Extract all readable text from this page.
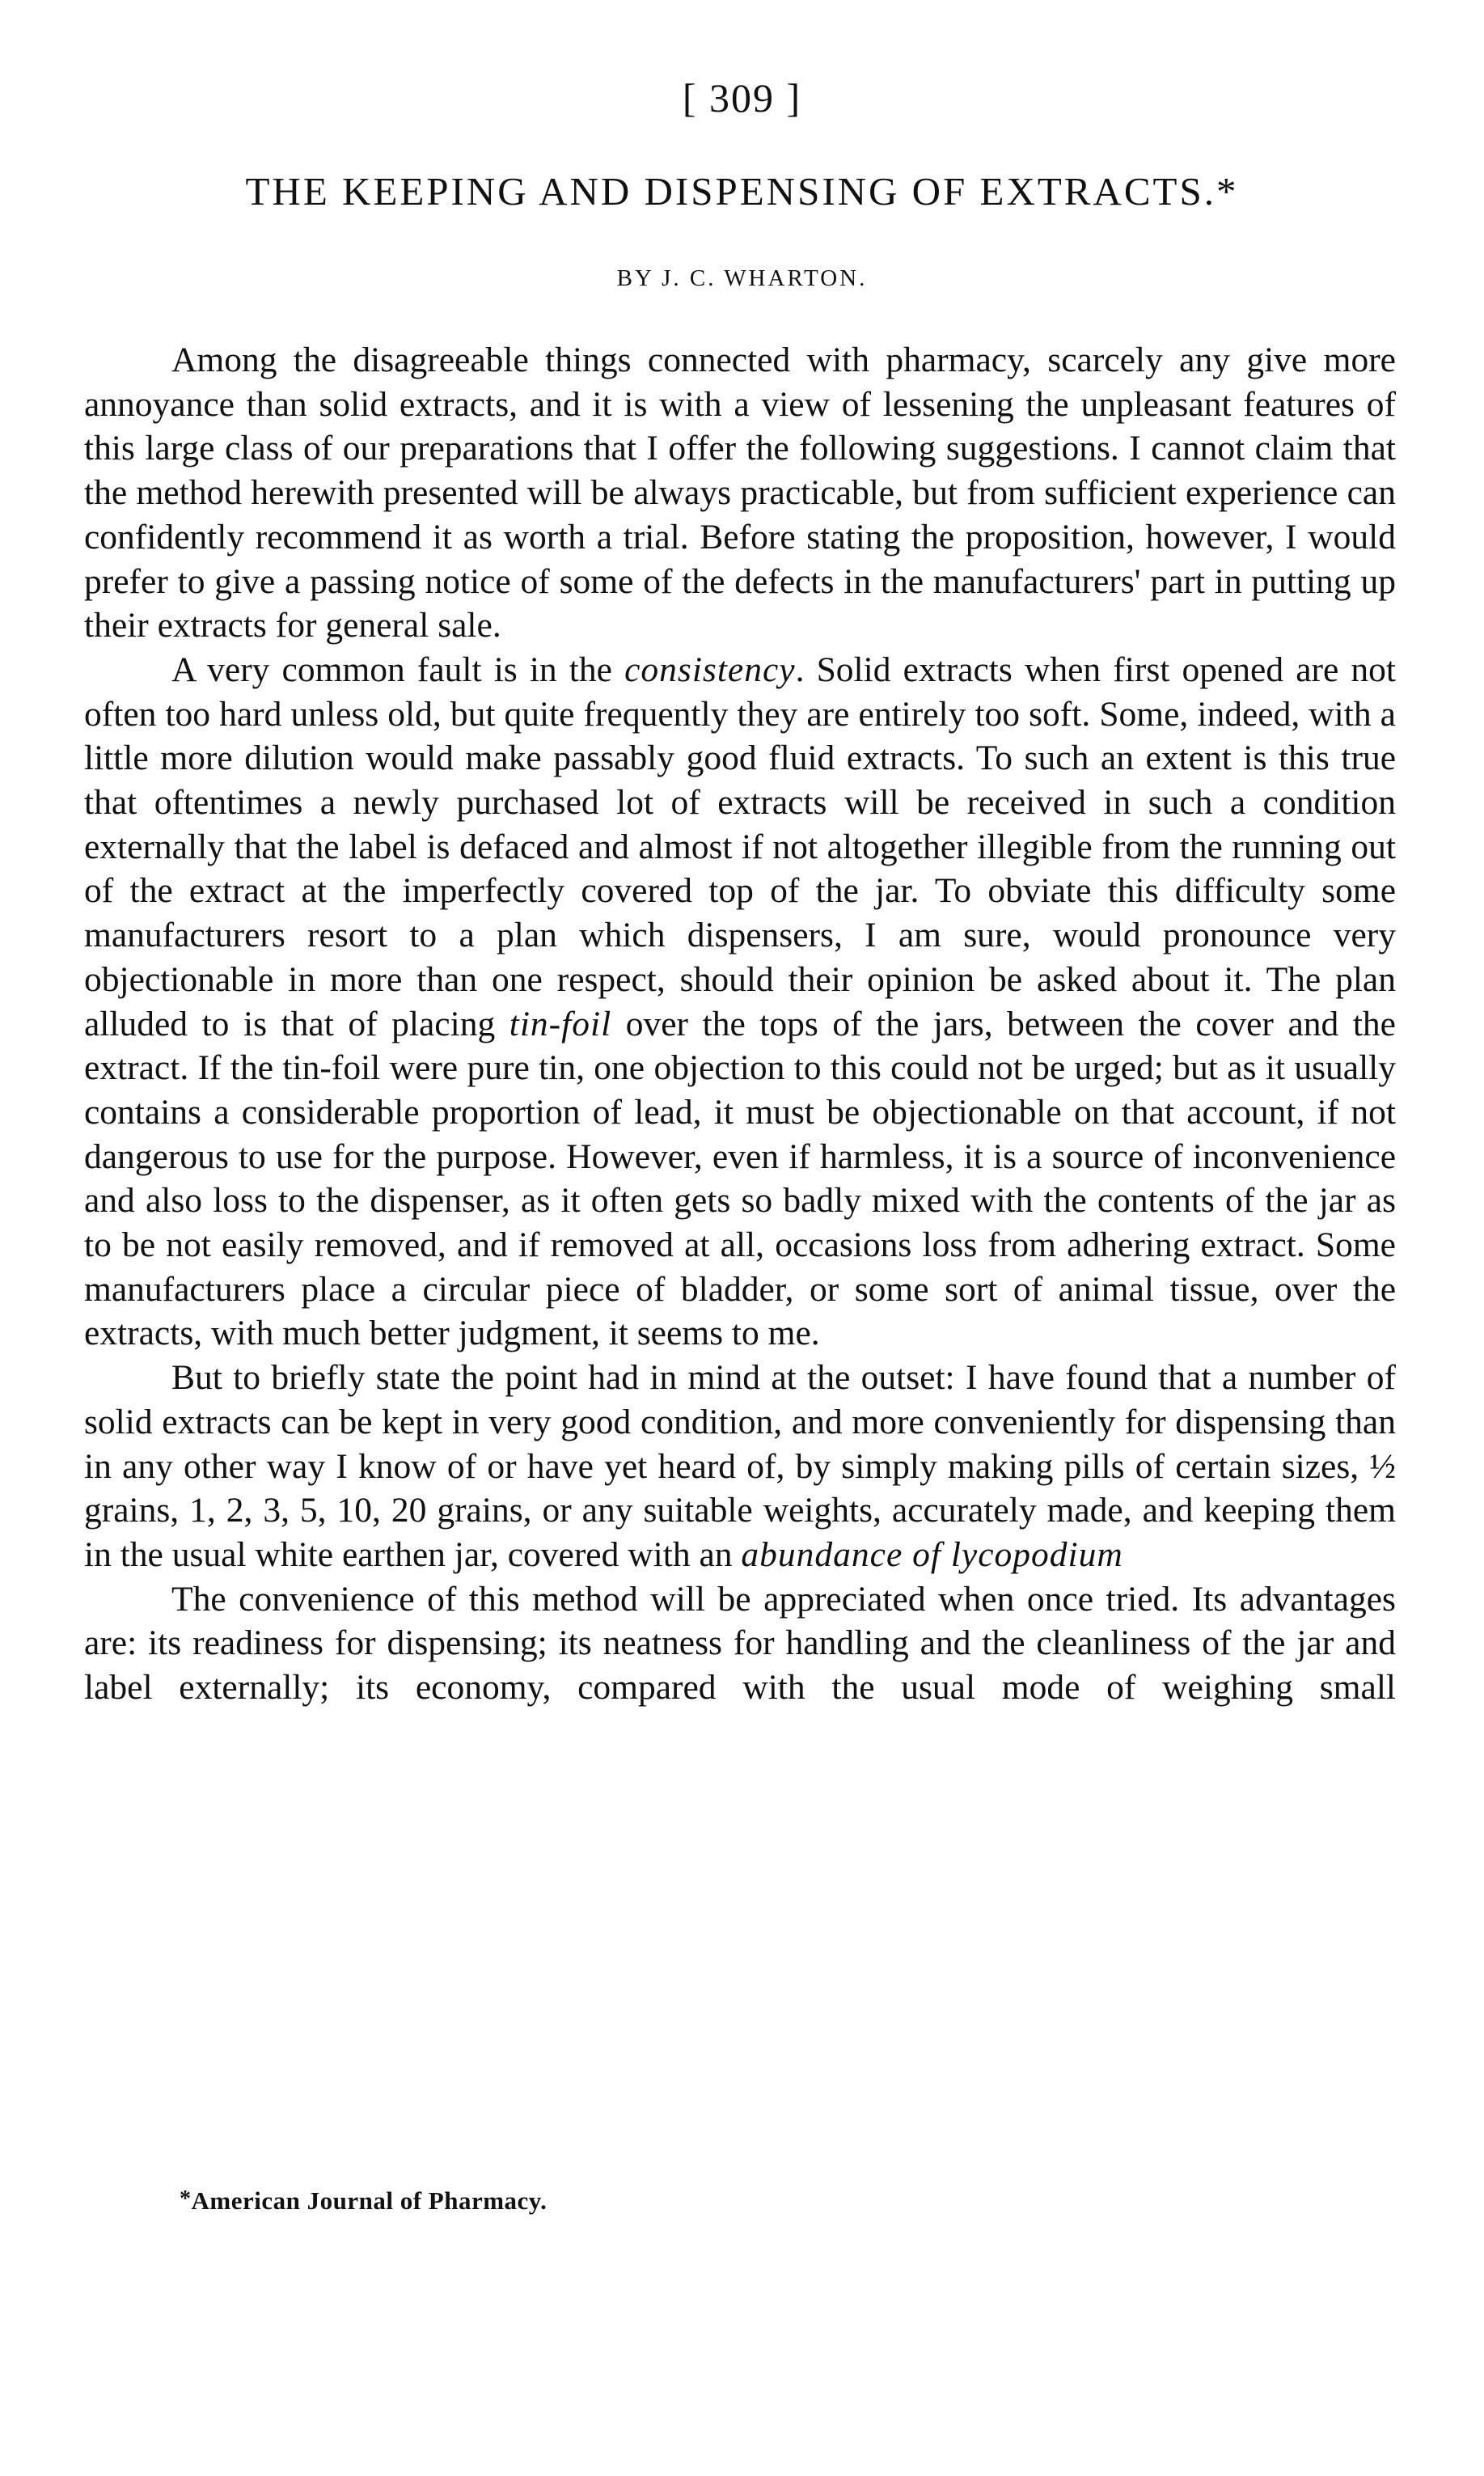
[ 309 ]
THE KEEPING AND DISPENSING OF EXTRACTS.*
BY J. C. WHARTON.

Among the disagreeable things connected with pharmacy, scarcely any give more annoyance than solid extracts, and it is with a view of lessening the unpleasant features of this large class of our preparations that I offer the following suggestions. I cannot claim that the method herewith presented will be always practicable, but from sufficient experience can confidently recommend it as worth a trial. Before stating the proposition, however, I would prefer to give a passing notice of some of the defects in the manufacturers' part in putting up their extracts for general sale.

A very common fault is in the consistency. Solid extracts when first opened are not often too hard unless old, but quite frequently they are entirely too soft. Some, indeed, with a little more dilution would make passably good fluid extracts. To such an extent is this true that oftentimes a newly purchased lot of extracts will be received in such a condition externally that the label is defaced and almost if not altogether illegible from the running out of the extract at the imperfectly covered top of the jar. To obviate this difficulty some manufacturers resort to a plan which dispensers, I am sure, would pronounce very objectionable in more than one respect, should their opinion be asked about it. The plan alluded to is that of placing tin-foil over the tops of the jars, between the cover and the extract. If the tin-foil were pure tin, one objection to this could not be urged; but as it usually contains a considerable proportion of lead, it must be objectionable on that account, if not dangerous to use for the purpose. However, even if harmless, it is a source of inconvenience and also loss to the dispenser, as it often gets so badly mixed with the contents of the jar as to be not easily removed, and if removed at all, occasions loss from adhering extract. Some manufacturers place a circular piece of bladder, or some sort of animal tissue, over the extracts, with much better judgment, it seems to me.

But to briefly state the point had in mind at the outset: I have found that a number of solid extracts can be kept in very good condition, and more conveniently for dispensing than in any other way I know of or have yet heard of, by simply making pills of certain sizes, ½ grains, 1, 2, 3, 5, 10, 20 grains, or any suitable weights, accurately made, and keeping them in the usual white earthen jar, covered with an abundance of lycopodium

The convenience of this method will be appreciated when once tried. Its advantages are: its readiness for dispensing; its neatness for handling and the cleanliness of the jar and label externally; its economy, compared with the usual mode of weighing small

*American Journal of Pharmacy.
